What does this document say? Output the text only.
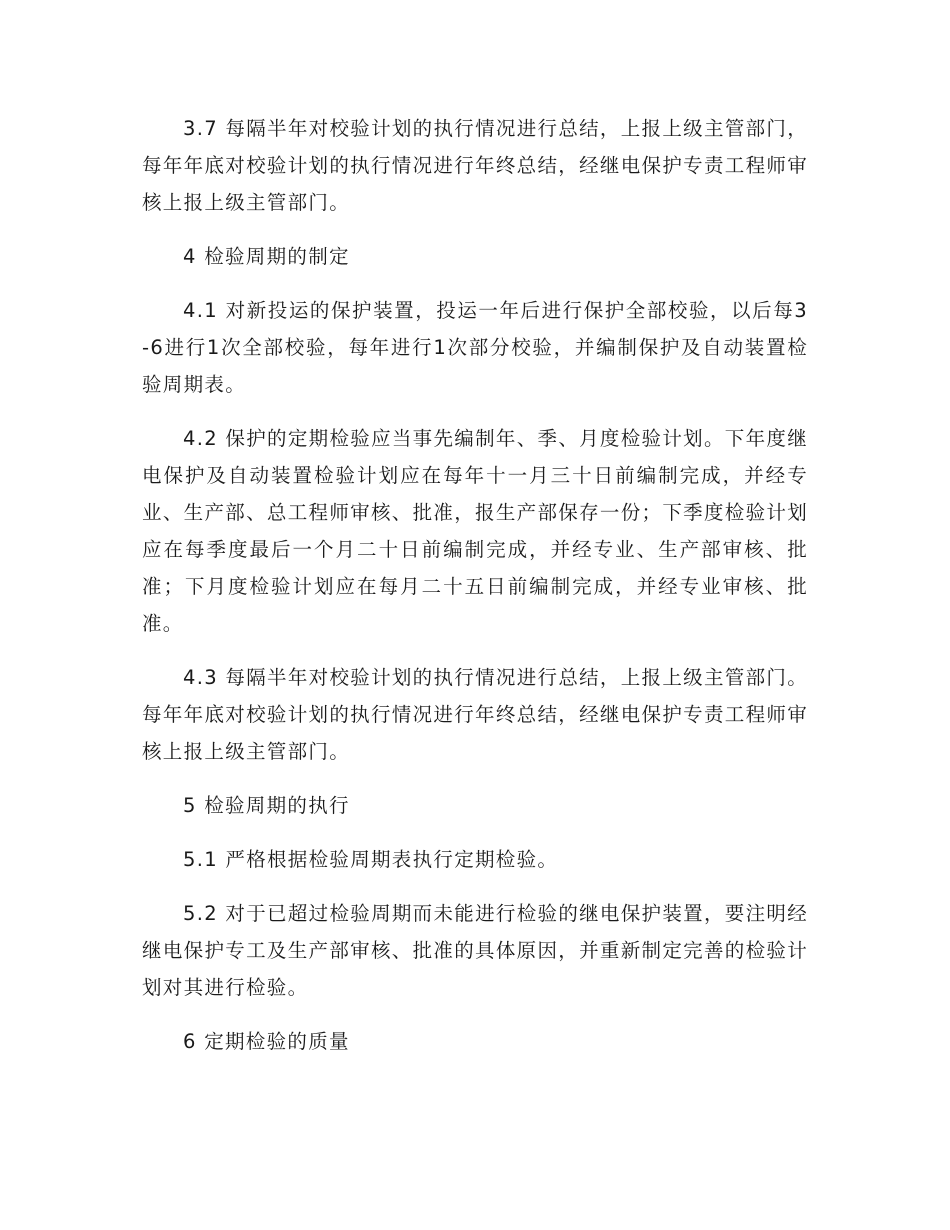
3.7 每隔半年对校验计划的执行情况进行总结，上报上级主管部门，每年年底对校验计划的执行情况进行年终总结，经继电保护专责工程师审核上报上级主管部门。

4 检验周期的制定

4.1 对新投运的保护装置，投运一年后进行保护全部校验，以后每3-6进行1次全部校验，每年进行1次部分校验，并编制保护及自动装置检验周期表。

4.2 保护的定期检验应当事先编制年、季、月度检验计划。下年度继电保护及自动装置检验计划应在每年十一月三十日前编制完成，并经专业、生产部、总工程师审核、批准，报生产部保存一份；下季度检验计划应在每季度最后一个月二十日前编制完成，并经专业、生产部审核、批准；下月度检验计划应在每月二十五日前编制完成，并经专业审核、批准。

4.3 每隔半年对校验计划的执行情况进行总结，上报上级主管部门。每年年底对校验计划的执行情况进行年终总结，经继电保护专责工程师审核上报上级主管部门。

5 检验周期的执行

5.1 严格根据检验周期表执行定期检验。

5.2 对于已超过检验周期而未能进行检验的继电保护装置，要注明经继电保护专工及生产部审核、批准的具体原因，并重新制定完善的检验计划对其进行检验。

6 定期检验的质量
